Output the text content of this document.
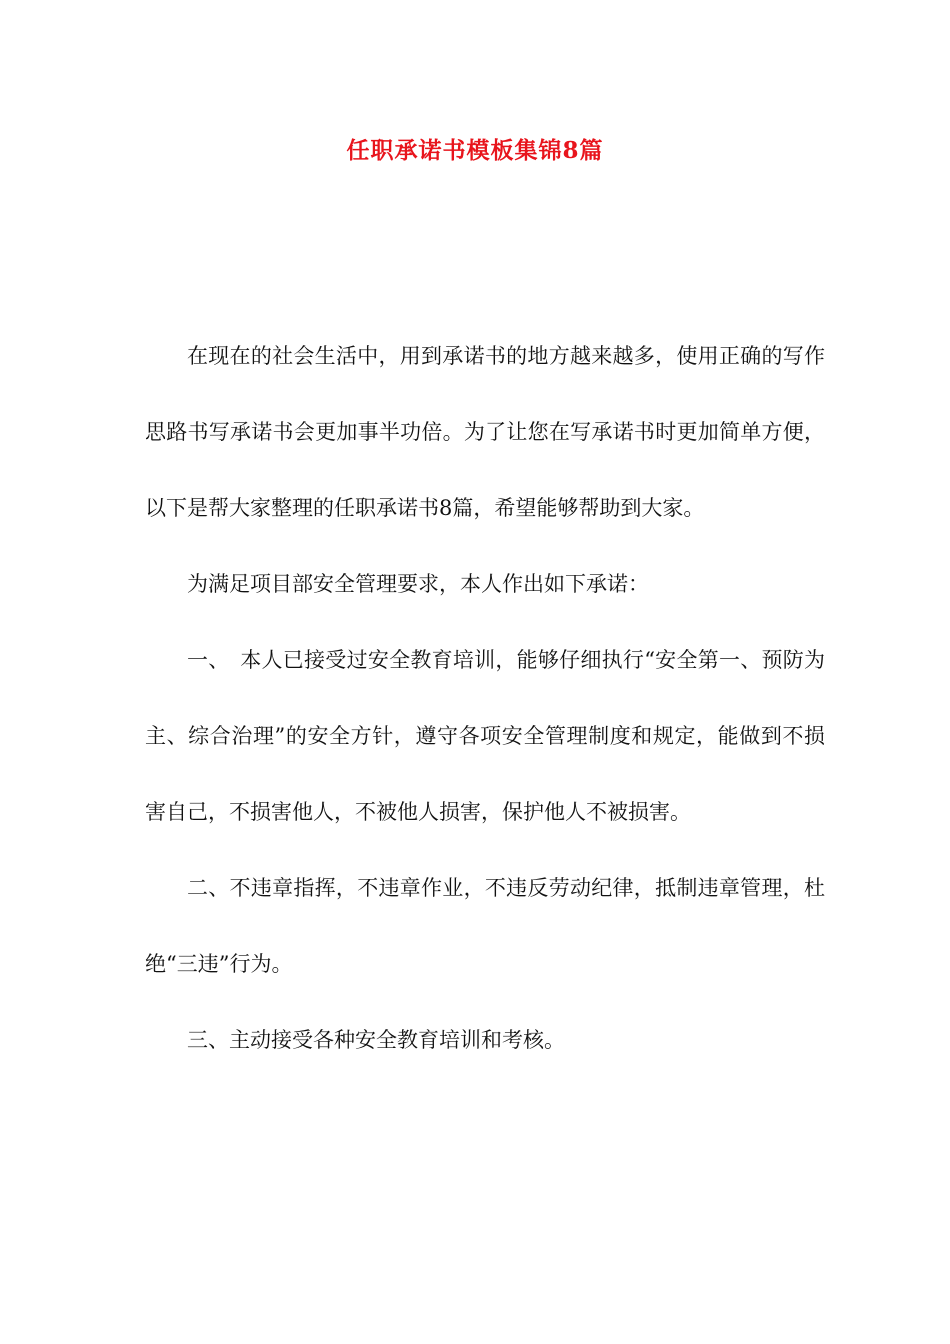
任职承诺书模板集锦8篇

在现在的社会生活中，用到承诺书的地方越来越多，使用正确的写作思路书写承诺书会更加事半功倍。为了让您在写承诺书时更加简单方便，以下是帮大家整理的任职承诺书8篇，希望能够帮助到大家。

为满足项目部安全管理要求，本人作出如下承诺：

一、　本人已接受过安全教育培训，能够仔细执行“安全第一、预防为主、综合治理”的安全方针，遵守各项安全管理制度和规定，能做到不损害自己，不损害他人，不被他人损害，保护他人不被损害。

二、不违章指挥，不违章作业，不违反劳动纪律，抵制违章管理，杜绝“三违”行为。

三、主动接受各种安全教育培训和考核。
